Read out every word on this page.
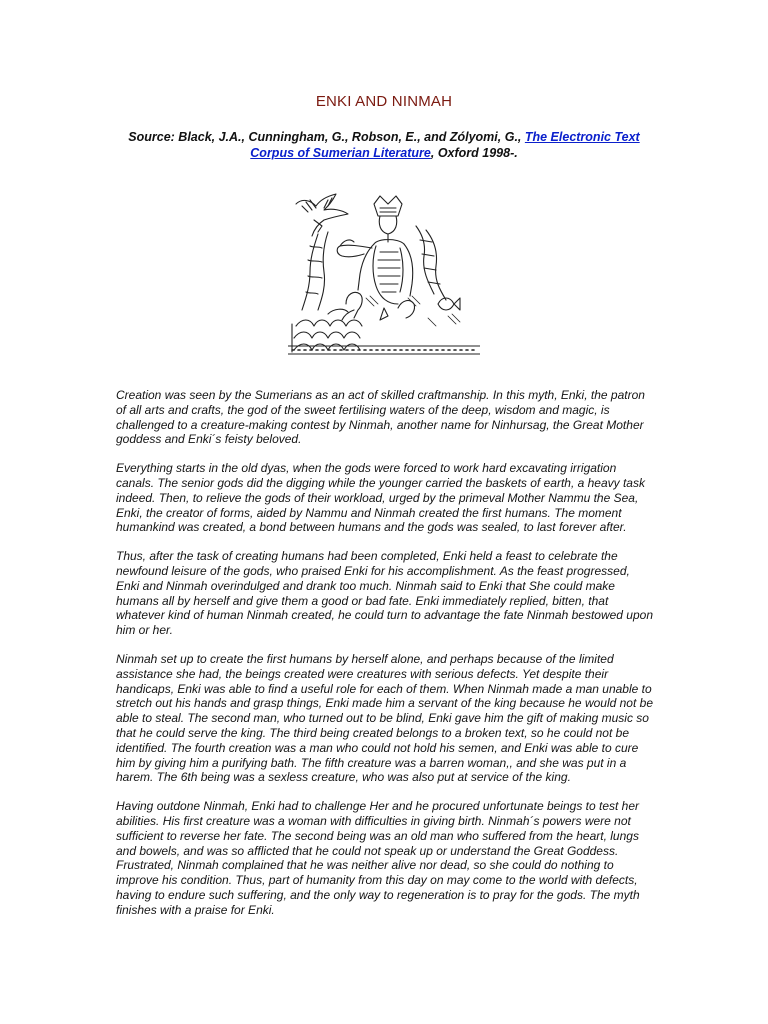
ENKI AND NINMAH
Source: Black, J.A., Cunningham, G., Robson, E., and Zólyomi, G., The Electronic Text Corpus of Sumerian Literature, Oxford 1998-.

Creation was seen by the Sumerians as an act of skilled craftmanship. In this myth, Enki, the patron of all arts and crafts, the god of the sweet fertilising waters of the deep, wisdom and magic, is challenged to a creature-making contest by Ninmah, another name for Ninhursag, the Great Mother goddess and Enki´s feisty beloved.

Everything starts in the old dyas, when the gods were forced to work hard excavating irrigation canals. The senior gods did the digging while the younger carried the baskets of earth, a heavy task indeed. Then, to relieve the gods of their workload, urged by the primeval Mother Nammu the Sea, Enki, the creator of forms, aided by Nammu and Ninmah created the first humans. The moment humankind was created, a bond between humans and the gods was sealed, to last forever after.

Thus, after the task of creating humans had been completed, Enki held a feast to celebrate the newfound leisure of the gods, who praised Enki for his accomplishment. As the feast progressed, Enki and Ninmah overindulged and drank too much. Ninmah said to Enki that She could make humans all by herself and give them a good or bad fate. Enki immediately replied, bitten, that whatever kind of human Ninmah created, he could turn to advantage the fate Ninmah bestowed upon him or her.

Ninmah set up to create the first humans by herself alone, and perhaps because of the limited assistance she had, the beings created were creatures with serious defects. Yet despite their handicaps, Enki was able to find a useful role for each of them. When Ninmah made a man unable to stretch out his hands and grasp things, Enki made him a servant of the king because he would not be able to steal. The second man, who turned out to be blind, Enki gave him the gift of making music so that he could serve the king. The third being created belongs to a broken text, so he could not be identified. The fourth creation was a man who could not hold his semen, and Enki was able to cure him by giving him a purifying bath. The fifth creature was a barren woman,, and she was put in a harem. The 6th being was a sexless creature, who was also put at service of the king.

Having outdone Ninmah, Enki had to challenge Her and he procured unfortunate beings to test her abilities. His first creature was a woman with difficulties in giving birth. Ninmah´s powers were not sufficient to reverse her fate. The second being was an old man who suffered from the heart, lungs and bowels, and was so afflicted that he could not speak up or understand the Great Goddess. Frustrated, Ninmah complained that he was neither alive nor dead, so she could do nothing to improve his condition. Thus, part of humanity from this day on may come to the world with defects, having to endure such suffering, and the only way to regeneration is to pray for the gods. The myth finishes with a praise for Enki.
